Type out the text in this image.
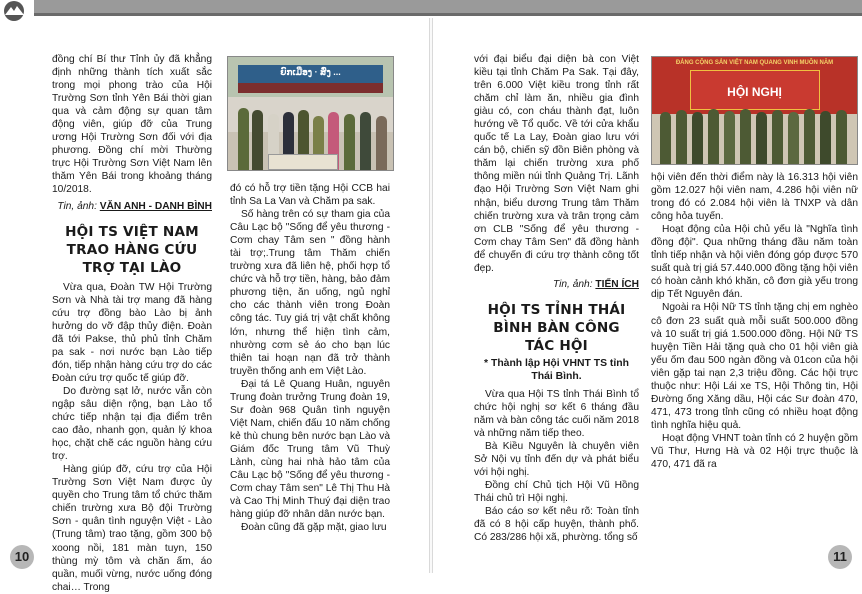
đồng chí Bí thư Tỉnh ủy đã khẳng định những thành tích xuất sắc trong mọi phong trào của Hội Trường Sơn tỉnh Yên Bái thời gian qua và cảm động sự quan tâm động viên, giúp đỡ của Trung ương Hội Trường Sơn đối với địa phương. Đồng chí mời Thường trực Hội Trường Sơn Việt Nam lên thăm Yên Bái trong khoảng tháng 10/2018.

Tin, ảnh: VĂN ANH - DANH BÌNH
HỘI TS VIỆT NAM TRAO HÀNG CỨU TRỢ TẠI LÀO

Vừa qua, Đoàn TW Hội Trường Sơn và Nhà tài trợ mang đã hàng cứu trợ đồng bào Lào bị ảnh hưởng do vỡ đập thủy điện. Đoàn đã tới Pakse, thủ phủ tỉnh Chăm pa sak - nơi nước bạn Lào tiếp đón, tiếp nhận hàng cứu trợ do các Đoàn cứu trợ quốc tế giúp đỡ.

Do đường sạt lở, nước vẫn còn ngập sâu diện rộng, bạn Lào tổ chức tiếp nhận tại địa điểm trên cao đảo, nhanh gọn, quản lý khoa học, chặt chẽ các nguồn hàng cứu trợ.

Hàng giúp đỡ, cứu trợ của Hội Trường Sơn Việt Nam được ủy quyền cho Trung tâm tổ chức thăm chiến trường xưa Bộ đội Trường Sơn - quân tình nguyện Việt - Lào (Trung tâm) trao tặng, gồm 300 bộ xoong nồi, 181 màn tuyn, 150 thùng mỳ tôm và chăn ấm, áo quần, muối vừng, nước uống đóng chai… Trong

ຍົກເມືອງ · ສົ່ງ ...

đó có hỗ trợ tiền tặng Hội CCB hai tỉnh Sa La Van và Chăm pa sak.

Số hàng trên có sự tham gia của Câu Lạc bộ "Sống để yêu thương - Cơm chay Tâm sen " đồng hành tài trợ;.Trung tâm Thăm chiến trường xưa đã liên hệ, phối hợp tổ chức và hỗ trợ tiền, hàng, bảo đảm phương tiện, ăn uống, ngủ nghỉ cho các thành viên trong Đoàn công tác. Tuy giá trị vật chất không lớn, nhưng thể hiện tình cảm, nhường cơm sẻ áo cho bạn lúc thiên tai hoạn nạn đã trở thành truyền thống anh em Việt Lào.

Đại tá Lê Quang Huân, nguyên Trung đoàn trưởng Trung đoàn 19, Sư đoàn 968 Quân tình nguyện Việt Nam, chiến đấu 10 năm chống kẻ thù chung bên nước bạn Lào và Giám đốc Trung tâm Vũ Thuỳ Lành, cùng hai nhà hảo tâm của Câu Lạc bộ "Sống để yêu thương - Cơm chay Tâm sen" Lê Thị Thu Hà và Cao Thị Minh Thuý đại diện trao hàng giúp đỡ nhân dân nước bạn.

Đoàn cũng đã gặp mặt, giao lưu

với đại biểu đại diện bà con Việt kiều tại tỉnh Chăm Pa Sak. Tại đây, trên 6.000 Việt kiều trong tỉnh rất chăm chỉ làm ăn, nhiều gia đình giàu có, con cháu thành đạt, luôn hướng về Tổ quốc. Về tới cửa khẩu quốc tế La Lay, Đoàn giao lưu với cán bộ, chiến sỹ đồn Biên phòng và thăm lại chiến trường xưa phố thông miền núi tỉnh Quảng Trị. Lãnh đạo Hội Trường Sơn Việt Nam ghi nhận, biểu dương Trung tâm Thăm chiến trường xưa và trân trọng cảm ơn CLB "Sống để yêu thương - Cơm chay Tâm Sen" đã đồng hành để chuyến đi cứu trợ thành công tốt đẹp.

Tin, ảnh: TIẾN ÍCH
HỘI TS TỈNH THÁI BÌNH BÀN CÔNG TÁC HỘI
* Thành lập Hội VHNT TS tỉnh Thái Bình.

Vừa qua Hội TS tỉnh Thái Bình tổ chức hội nghị sơ kết 6 tháng đầu năm và bàn công tác cuối năm 2018 và những năm tiếp theo.

Bà Kiều Nguyên là chuyên viên Sở Nội vụ tỉnh đến dự và phát biểu với hội nghị.

Đồng chí Chủ tịch Hội Vũ Hồng Thái chủ trì Hội nghị.

Báo cáo sơ kết nêu rõ: Toàn tỉnh đã có 8 hội cấp huyện, thành phố. Có 283/286 hội xã, phường. tổng số

ĐẢNG CỘNG SẢN VIỆT NAM QUANG VINH MUÔN NĂM
HỘI NGHỊ

hội viên đến thời điểm này là 16.313 hội viên gồm 12.027 hội viên nam, 4.286 hội viên nữ trong đó có 2.084 hội viên là TNXP và dân công hỏa tuyến.

Hoạt động của Hội chủ yếu là "Nghĩa tình đồng đội". Qua những tháng đầu năm toàn tỉnh tiếp nhận và hội viên đóng góp được 570 suất quà trị giá 57.440.000 đồng tặng hội viên có hoàn cảnh khó khăn, cô đơn già yếu trong dịp Tết Nguyên đán.

Ngoài ra Hội Nữ TS tỉnh tặng chị em nghèo cô đơn 23 suất quà mỗi suất 500.000 đồng và 10 suất trị giá 1.500.000 đồng. Hội Nữ TS huyện Tiền Hải tặng quà cho 01 hội viên già yếu ốm đau 500 ngàn đồng và 01con của hội viên gặp tai nạn 2,3 triệu đồng. Các hội trực thuộc như: Hội Lái xe TS, Hội Thông tin, Hội Đường ống Xăng dầu, Hội các Sư đoàn 470, 471, 473 trong tỉnh cũng có nhiều hoạt động tình nghĩa hiệu quả.

Hoạt động VHNT toàn tỉnh có 2 huyện gồm Vũ Thư, Hưng Hà và 02 Hội trực thuộc là 470, 471 đã ra

10	11
